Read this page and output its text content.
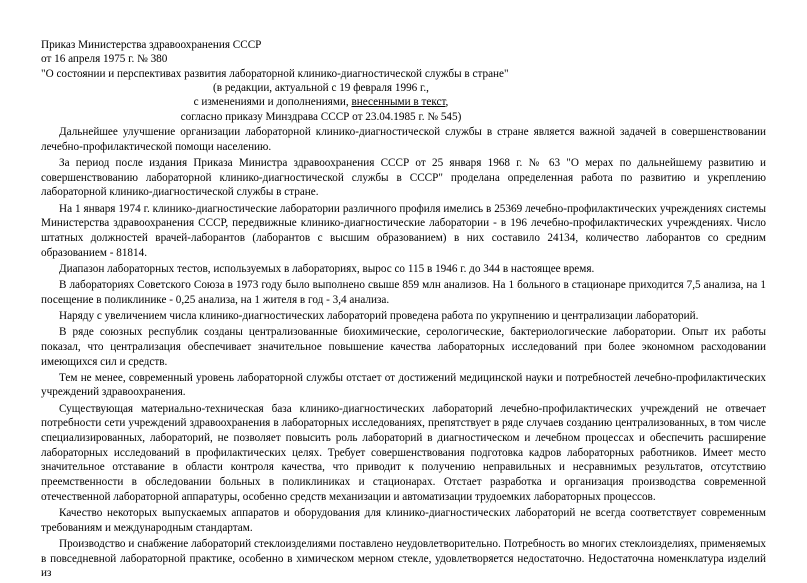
Приказ Министерства здравоохранения СССР
от 16 апреля 1975 г. № 380
"О состоянии и перспективах развития лабораторной клинико-диагностической службы в стране"
(в редакции, актуальной с 19 февраля 1996 г.,
с изменениями и дополнениями, внесенными в текст,
согласно приказу Минздрава СССР от 23.04.1985 г. № 545)

Дальнейшее улучшение организации лабораторной клинико-диагностической службы в стране является важной задачей в совершенствовании лечебно-профилактической помощи населению.

За период после издания Приказа Министра здравоохранения СССР от 25 января 1968 г. № 63 "О мерах по дальнейшему развитию и совершенствованию лабораторной клинико-диагностической службы в СССР" проделана определенная работа по развитию и укреплению лабораторной клинико-диагностической службы в стране.

На 1 января 1974 г. клинико-диагностические лаборатории различного профиля имелись в 25369 лечебно-профилактических учреждениях системы Министерства здравоохранения СССР, передвижные клинико-диагностические лаборатории - в 196 лечебно-профилактических учреждениях. Число штатных должностей врачей-лаборантов (лаборантов с высшим образованием) в них составило 24134, количество лаборантов со средним образованием - 81814.

Диапазон лабораторных тестов, используемых в лабораториях, вырос со 115 в 1946 г. до 344 в настоящее время.

В лабораториях Советского Союза в 1973 году было выполнено свыше 859 млн анализов. На 1 больного в стационаре приходится 7,5 анализа, на 1 посещение в поликлинике - 0,25 анализа, на 1 жителя в год - 3,4 анализа.

Наряду с увеличением числа клинико-диагностических лабораторий проведена работа по укрупнению и централизации лабораторий.

В ряде союзных республик созданы централизованные биохимические, серологические, бактериологические лаборатории. Опыт их работы показал, что централизация обеспечивает значительное повышение качества лабораторных исследований при более экономном расходовании имеющихся сил и средств.

Тем не менее, современный уровень лабораторной службы отстает от достижений медицинской науки и потребностей лечебно-профилактических учреждений здравоохранения.

Существующая материально-техническая база клинико-диагностических лабораторий лечебно-профилактических учреждений не отвечает потребности сети учреждений здравоохранения в лабораторных исследованиях, препятствует в ряде случаев созданию централизованных, в том числе специализированных, лабораторий, не позволяет повысить роль лабораторий в диагностическом и лечебном процессах и обеспечить расширение лабораторных исследований в профилактических целях. Требует совершенствования подготовка кадров лабораторных работников. Имеет место значительное отставание в области контроля качества, что приводит к получению неправильных и несравнимых результатов, отсутствию преемственности в обследовании больных в поликлиниках и стационарах. Отстает разработка и организация производства современной отечественной лабораторной аппаратуры, особенно средств механизации и автоматизации трудоемких лабораторных процессов.

Качество некоторых выпускаемых аппаратов и оборудования для клинико-диагностических лабораторий не всегда соответствует современным требованиям и международным стандартам.

Производство и снабжение лабораторий стеклоизделиями поставлено неудовлетворительно. Потребность во многих стеклоизделиях, применяемых в повседневной лабораторной практике, особенно в химическом мерном стекле, удовлетворяется недостаточно. Недостаточна номенклатура изделий из
